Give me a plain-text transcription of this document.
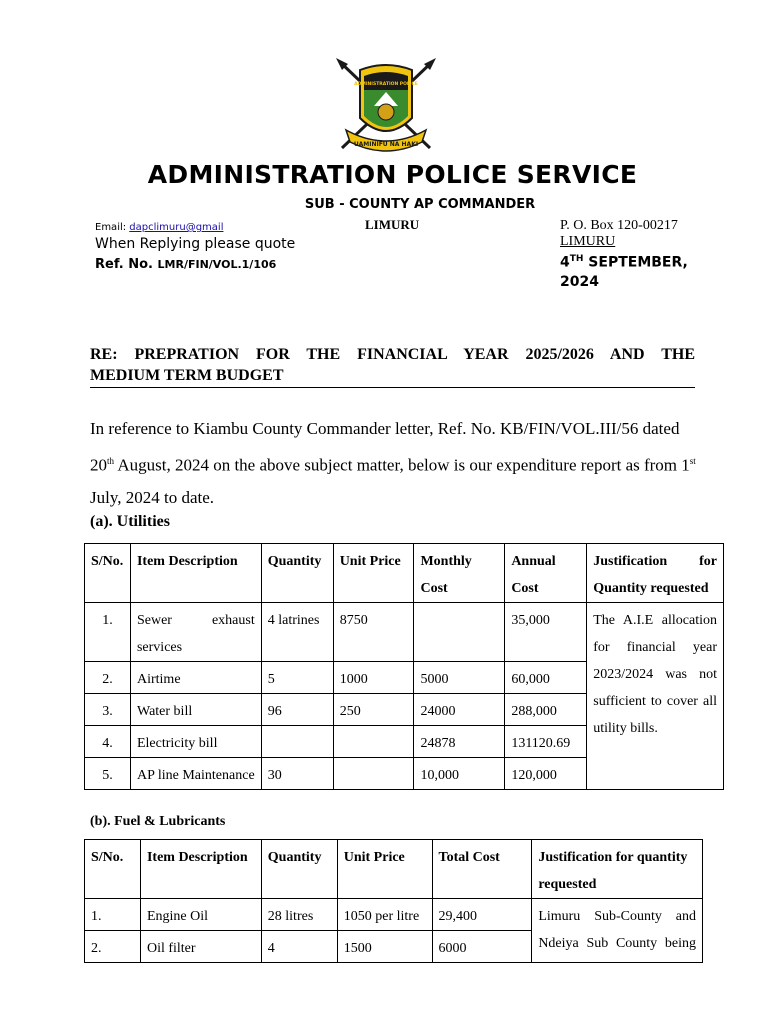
UAMINIFU NA HAKI
ADMINISTRATION POLICE
ADMINISTRATION POLICE SERVICE
SUB - COUNTY AP COMMANDER
LIMURU
Email: dapclimuru@gmail
When Replying please quote
Ref. No. LMR/FIN/VOL.1/106
P. O. Box 120-00217
LIMURU
4TH SEPTEMBER, 2024
RE: PREPRATION FOR THE FINANCIAL YEAR 2025/2026 AND THE
MEDIUM TERM BUDGET
In reference to Kiambu County Commander letter, Ref. No. KB/FIN/VOL.III/56 dated 20th August, 2024 on the above subject matter, below is our expenditure report as from 1st July, 2024 to date.
(a). Utilities
S/No.	Item Description	Quantity	Unit Price	Monthly Cost	Annual Cost	Justification for Quantity requested
1.	Sewer exhaust services	4 latrines	8750		35,000	The A.I.E allocation for financial year 2023/2024 was not sufficient to cover all utility bills.
2.	Airtime	5	1000	5000	60,000	
3.	Water bill	96	250	24000	288,000	
4.	Electricity bill			24878	131120.69	
5.	AP line Maintenance	30		10,000	120,000	
(b). Fuel & Lubricants
S/No.	Item Description	Quantity	Unit Price	Total Cost	Justification for quantity requested
1.	Engine Oil	28 litres	1050 per litre	29,400	Limuru Sub-County and Ndeiya Sub County being
2.	Oil filter	4	1500	6000	
